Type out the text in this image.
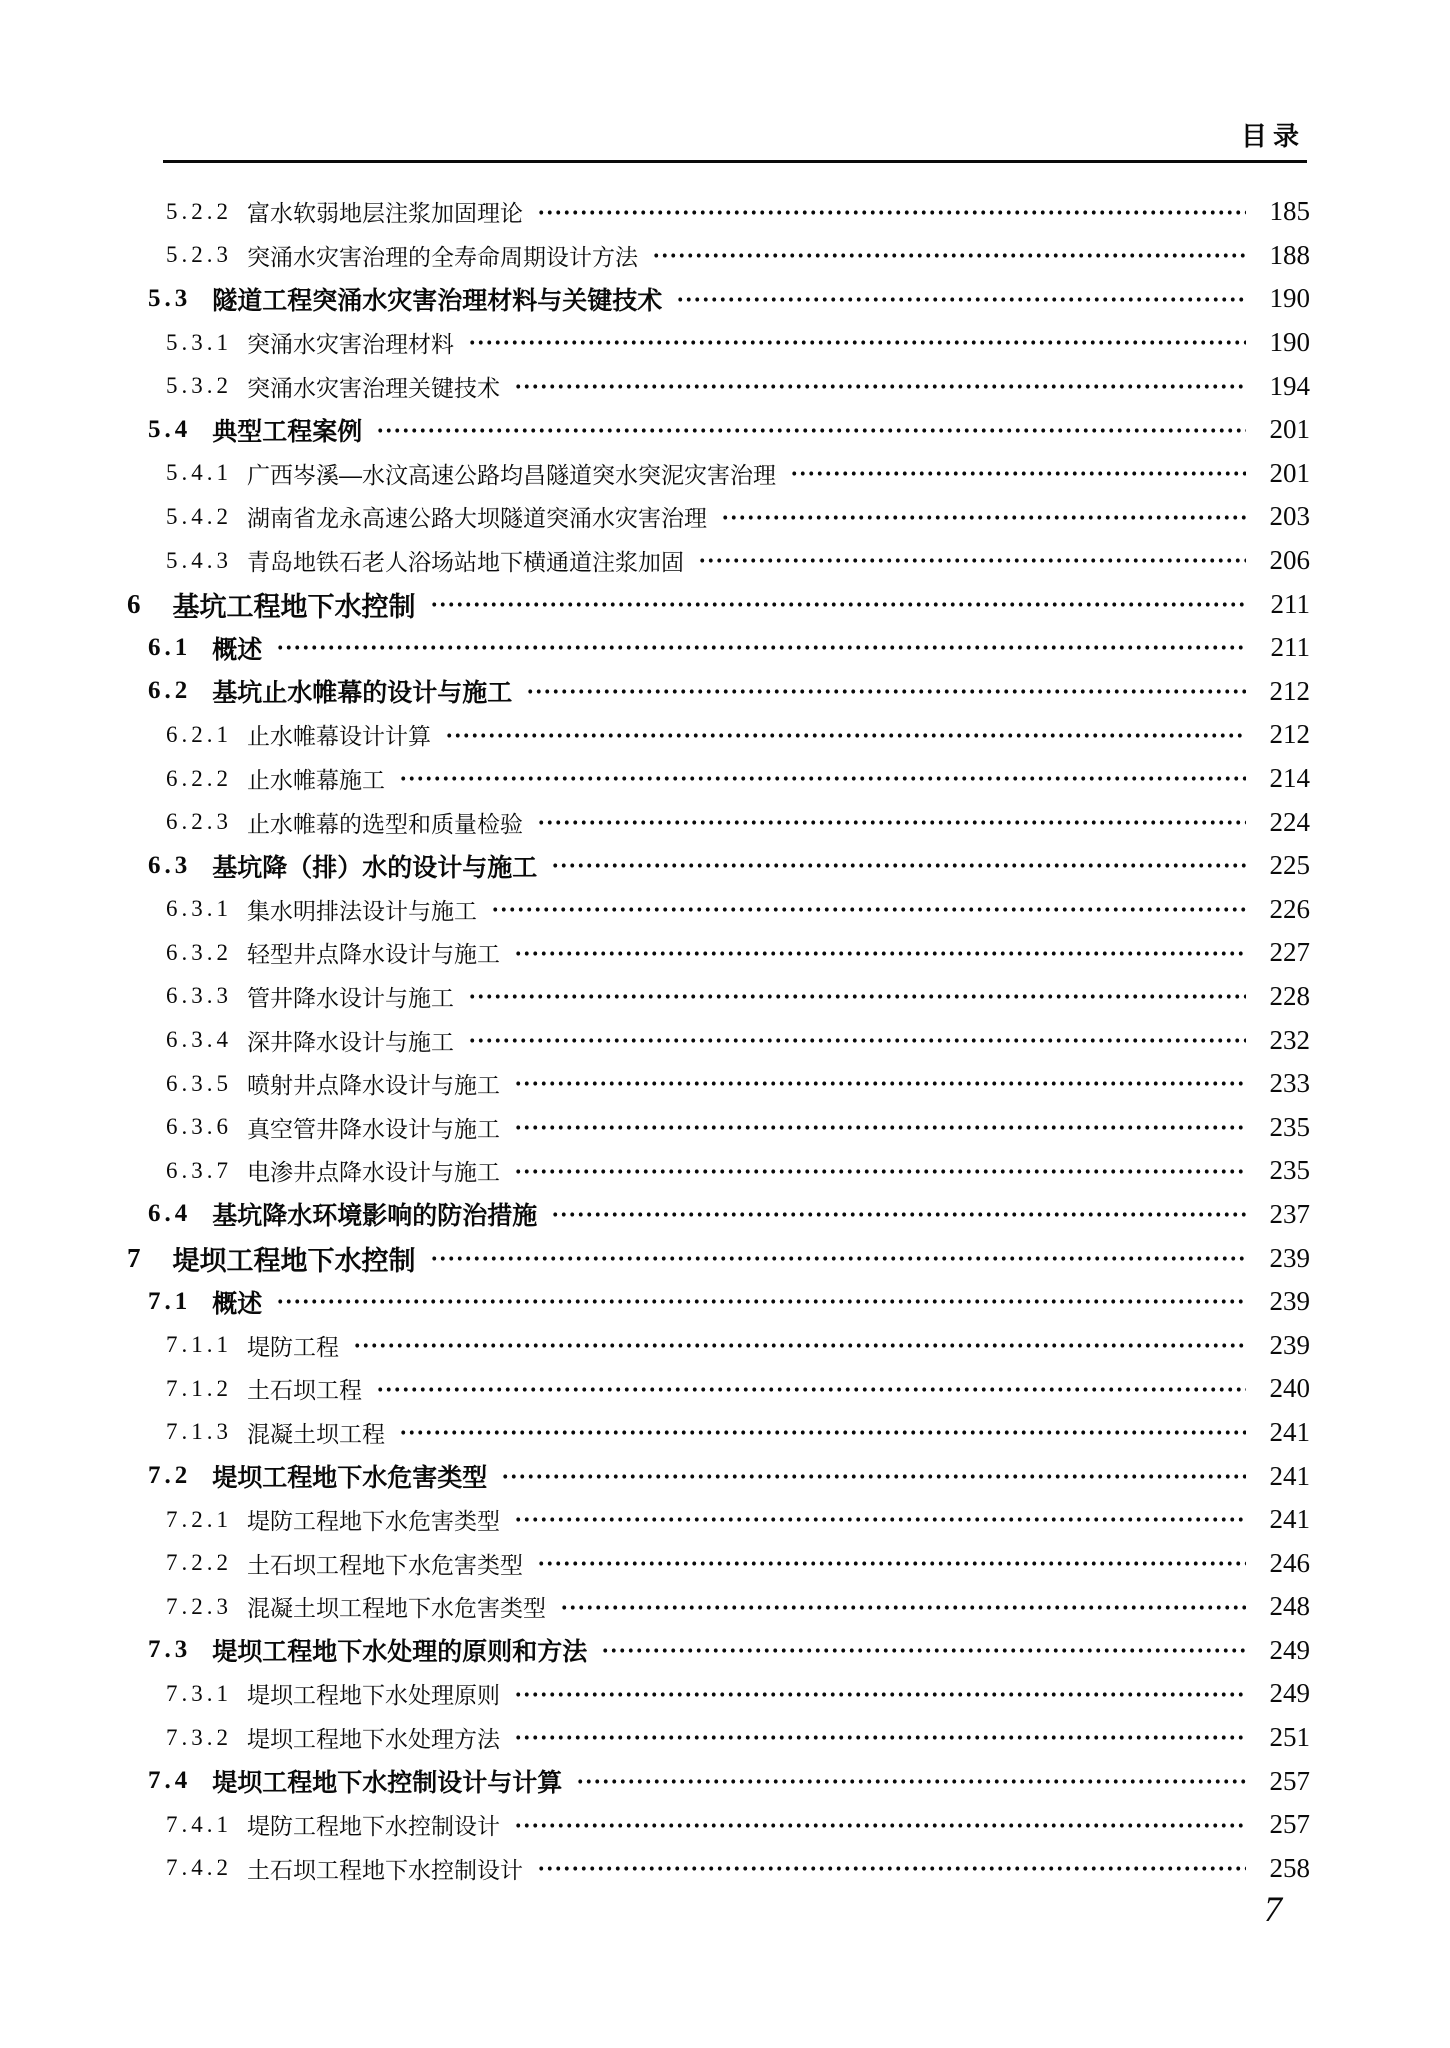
目录
5.2.2 富水软弱地层注浆加固理论	185
5.2.3 突涌水灾害治理的全寿命周期设计方法	188
5.3 隧道工程突涌水灾害治理材料与关键技术	190
5.3.1 突涌水灾害治理材料	190
5.3.2 突涌水灾害治理关键技术	194
5.4 典型工程案例	201
5.4.1 广西岑溪—水汶高速公路均昌隧道突水突泥灾害治理	201
5.4.2 湖南省龙永高速公路大坝隧道突涌水灾害治理	203
5.4.3 青岛地铁石老人浴场站地下横通道注浆加固	206
6 基坑工程地下水控制	211
6.1 概述	211
6.2 基坑止水帷幕的设计与施工	212
6.2.1 止水帷幕设计计算	212
6.2.2 止水帷幕施工	214
6.2.3 止水帷幕的选型和质量检验	224
6.3 基坑降（排）水的设计与施工	225
6.3.1 集水明排法设计与施工	226
6.3.2 轻型井点降水设计与施工	227
6.3.3 管井降水设计与施工	228
6.3.4 深井降水设计与施工	232
6.3.5 喷射井点降水设计与施工	233
6.3.6 真空管井降水设计与施工	235
6.3.7 电渗井点降水设计与施工	235
6.4 基坑降水环境影响的防治措施	237
7 堤坝工程地下水控制	239
7.1 概述	239
7.1.1 堤防工程	239
7.1.2 土石坝工程	240
7.1.3 混凝土坝工程	241
7.2 堤坝工程地下水危害类型	241
7.2.1 堤防工程地下水危害类型	241
7.2.2 土石坝工程地下水危害类型	246
7.2.3 混凝土坝工程地下水危害类型	248
7.3 堤坝工程地下水处理的原则和方法	249
7.3.1 堤坝工程地下水处理原则	249
7.3.2 堤坝工程地下水处理方法	251
7.4 堤坝工程地下水控制设计与计算	257
7.4.1 堤防工程地下水控制设计	257
7.4.2 土石坝工程地下水控制设计	258
7
